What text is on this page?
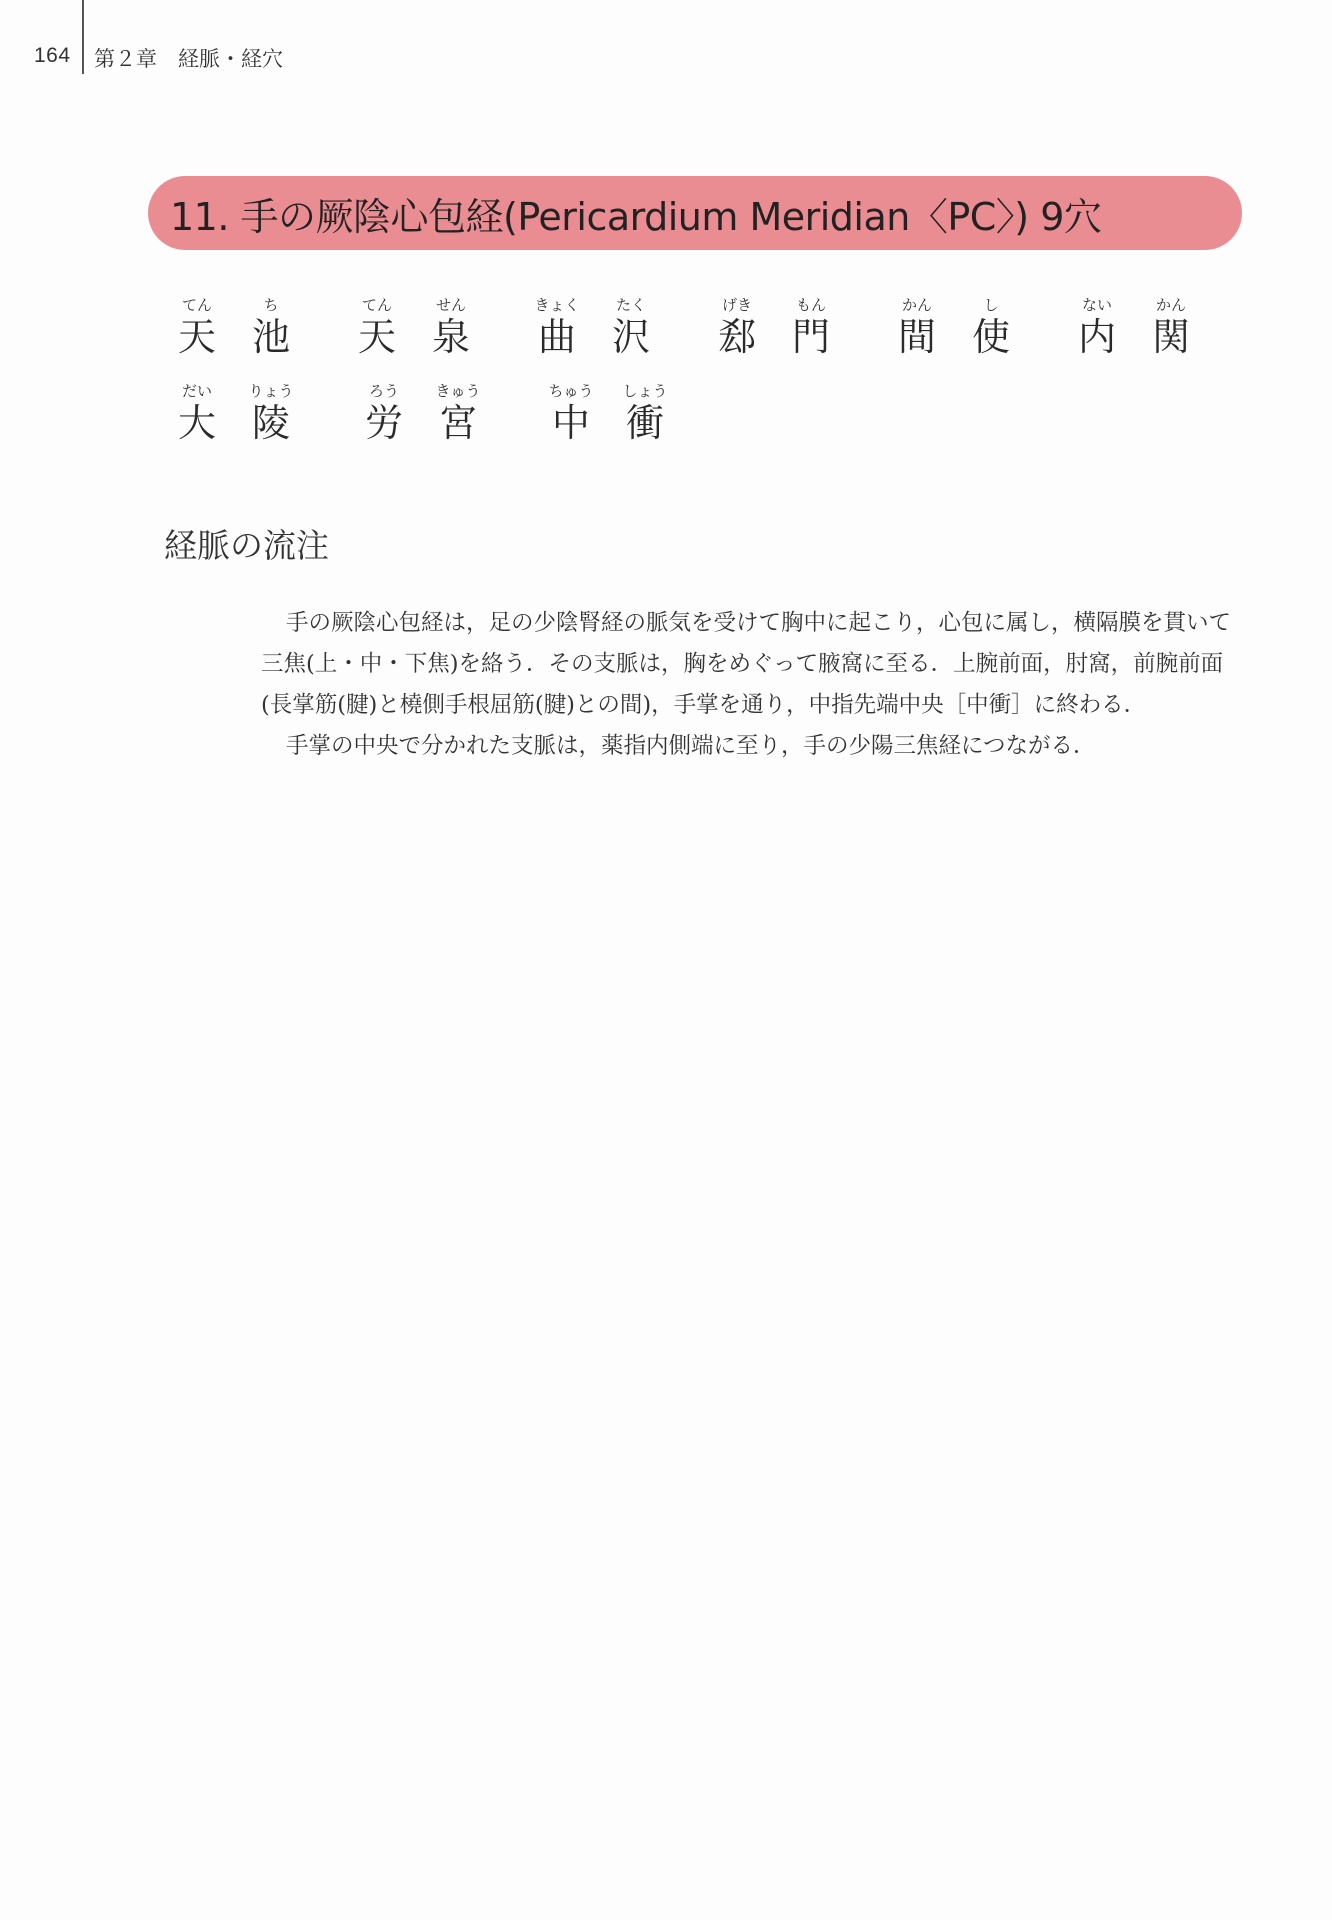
164 第２章　経脈・経穴
11. 手の厥陰心包経(Pericardium Meridian〈PC〉) 9穴
てん
天
ち
池
てん
天
せん
泉
きょく
曲
たく
沢
げき
郄
もん
門
かん
間
し
使
ない
内
かん
関
だい
大
りょう
陵
ろう
労
きゅう
宮
ちゅう
中
しょう
衝
経脈の流注

手の厥陰心包経は，足の少陰腎経の脈気を受けて胸中に起こり，心包に属し，横隔膜を貫いて三焦(上・中・下焦)を絡う．その支脈は，胸をめぐって腋窩に至る．上腕前面，肘窩，前腕前面(長掌筋(腱)と橈側手根屈筋(腱)との間)，手掌を通り，中指先端中央［中衝］に終わる．

手掌の中央で分かれた支脈は，薬指内側端に至り，手の少陽三焦経につながる．
